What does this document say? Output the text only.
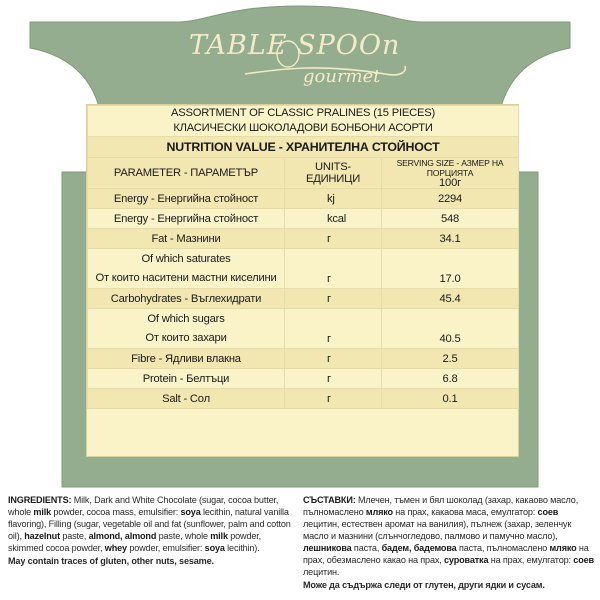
TABLE SPOOn
gourmet
ASSORTMENT OF CLASSIC PRALINES (15 PIECES)
КЛАСИЧЕСКИ ШОКОЛАДОВИ БОНБОНИ АСОРТИ		

NUTRITION VALUE - ХРАНИТЕЛНА СТОЙНОСТ		
PARAMETER - ПАРАМЕТЪР	UNITS-ЕДИНИЦИ	SERVING SIZE - АЗМЕР НА ПОРЦИЯТА
100г

Energy - Енергийна стойност	kj	2294
Energy - Енергийна стойност	kcal	548
Fat - Мазнини	г	34.1

Of which saturates
От които наситени мастни киселини	г	17.0
Carbohydrates - Въглехидрати	г	45.4

Of which sugars
От които захари	г	40.5
Fibre - Ядливи влакна	г	2.5
Protein - Белтъци	г	6.8
Salt - Сол	г	0.1
INGREDIENTS: Milk, Dark and White Chocolate (sugar, cocoa butter, whole milk powder, cocoa mass, emulsifier: soya lecithin, natural vanilla flavoring), Filling (sugar, vegetable oil and fat (sunflower, palm and cotton oil), hazelnut paste, almond, almond paste, whole milk powder, skimmed cocoa powder, whey powder, emulsifier: soya lecithin).
May contain traces of gluten, other nuts, sesame.
СЪСТАВКИ: Млечен, тъмен и бял шоколад (захар, какаово масло, пълномаслено мляко на прах, какаова маса, емулгатор: соев лецитин, естествен аромат на ванилия), пълнеж (захар, зеленчук масло и мазнини (слънчогледово, палмово и памучно масло), лешникова паста, бадем, бадемова паста, пълномаслено мляко на прах, обезмаслено какао на прах, суроватка на прах, емулгатор: соев лецитин.
Може да съдържа следи от глутен, други ядки и сусам.
